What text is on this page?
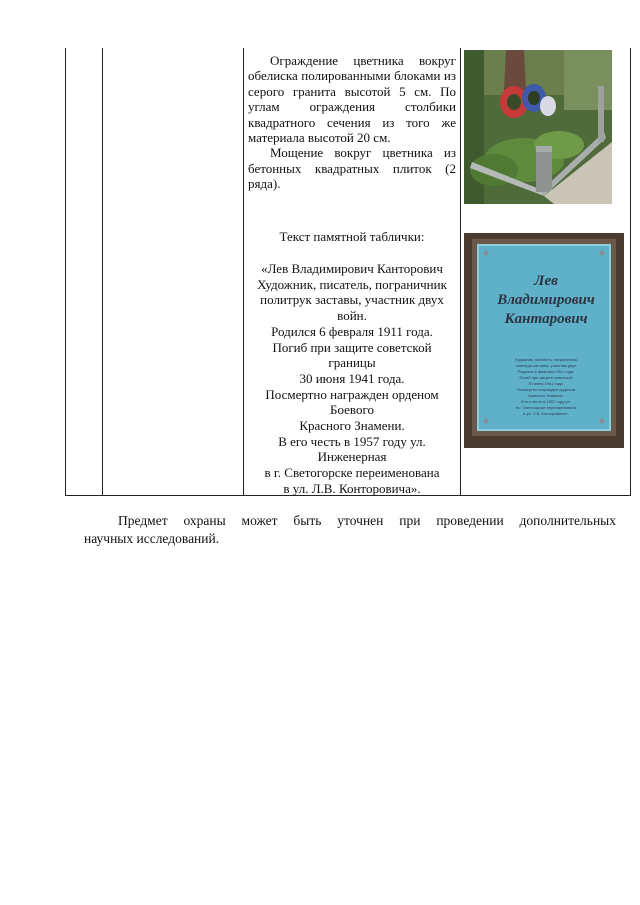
Ограждение цветника вокруг обелиска полированными блоками из серого гранита высотой 5 см. По углам ограждения столбики квадратного сечения из того же материала высотой 20 см.
Мощение вокруг цветника из бетонных квадратных плиток (2 ряда).
Текст памятной таблички:
«Лев Владимирович Канторович
Художник, писатель, пограничник
политрук заставы, участник двух
войн.
Родился 6 февраля 1911 года.
Погиб при защите советской
границы
30 июня 1941 года.
Посмертно награжден орденом
Боевого
Красного Знамени.
В его честь в 1957 году ул.
Инженерная
в г. Светогорске переименована
в ул. Л.В. Конторовича».
Лев
Владимирович
Кантарович
Художник, писатель, пограничник
политрук заставы, участник двух
Родился 6 февраля 1911 года.
Погиб при защите советской
30 июня 1941 года.
Посмертно награжден орденом
Красного Знамени.
В его честь в 1957 году ул.
в г. Светогорске переименована
в ул. Л.В. Конторовича».
Предмет охраны может быть уточнен при проведении дополнительных
научных исследований.
